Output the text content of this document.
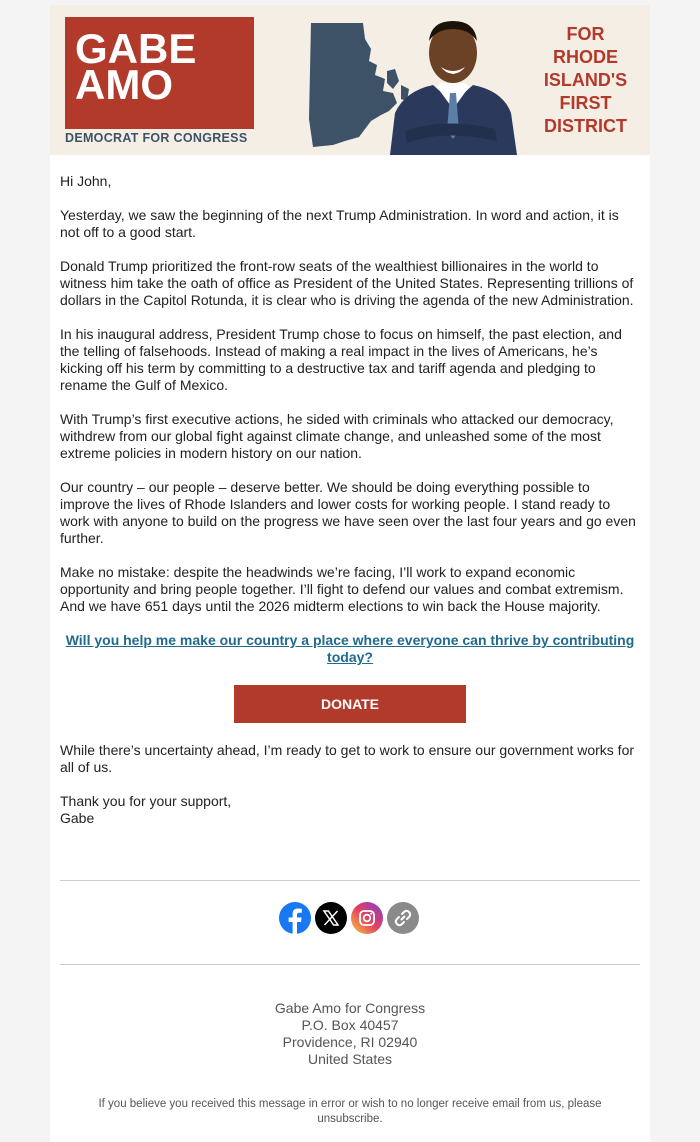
GABE AMO
DEMOCRAT FOR CONGRESS
FOR
RHODE
ISLAND'S
FIRST
DISTRICT

Hi John,

Yesterday, we saw the beginning of the next Trump Administration. In word and action, it is not off to a good start.

Donald Trump prioritized the front-row seats of the wealthiest billionaires in the world to witness him take the oath of office as President of the United States. Representing trillions of dollars in the Capitol Rotunda, it is clear who is driving the agenda of the new Administration.

In his inaugural address, President Trump chose to focus on himself, the past election, and the telling of falsehoods. Instead of making a real impact in the lives of Americans, he’s kicking off his term by committing to a destructive tax and tariff agenda and pledging to rename the Gulf of Mexico.

With Trump’s first executive actions, he sided with criminals who attacked our democracy, withdrew from our global fight against climate change, and unleashed some of the most extreme policies in modern history on our nation.

Our country – our people – deserve better. We should be doing everything possible to improve the lives of Rhode Islanders and lower costs for working people. I stand ready to work with anyone to build on the progress we have seen over the last four years and go even further.

Make no mistake: despite the headwinds we’re facing, I’ll work to expand economic opportunity and bring people together. I’ll fight to defend our values and combat extremism. And we have 651 days until the 2026 midterm elections to win back the House majority.

Will you help me make our country a place where everyone can thrive by contributing today?
DONATE

While there’s uncertainty ahead, I’m ready to get to work to ensure our government works for all of us.

Thank you for your support,

Gabe

Gabe Amo for Congress
P.O. Box 40457
Providence, RI 02940
United States
If you believe you received this message in error or wish to no longer receive email from us, please unsubscribe.
